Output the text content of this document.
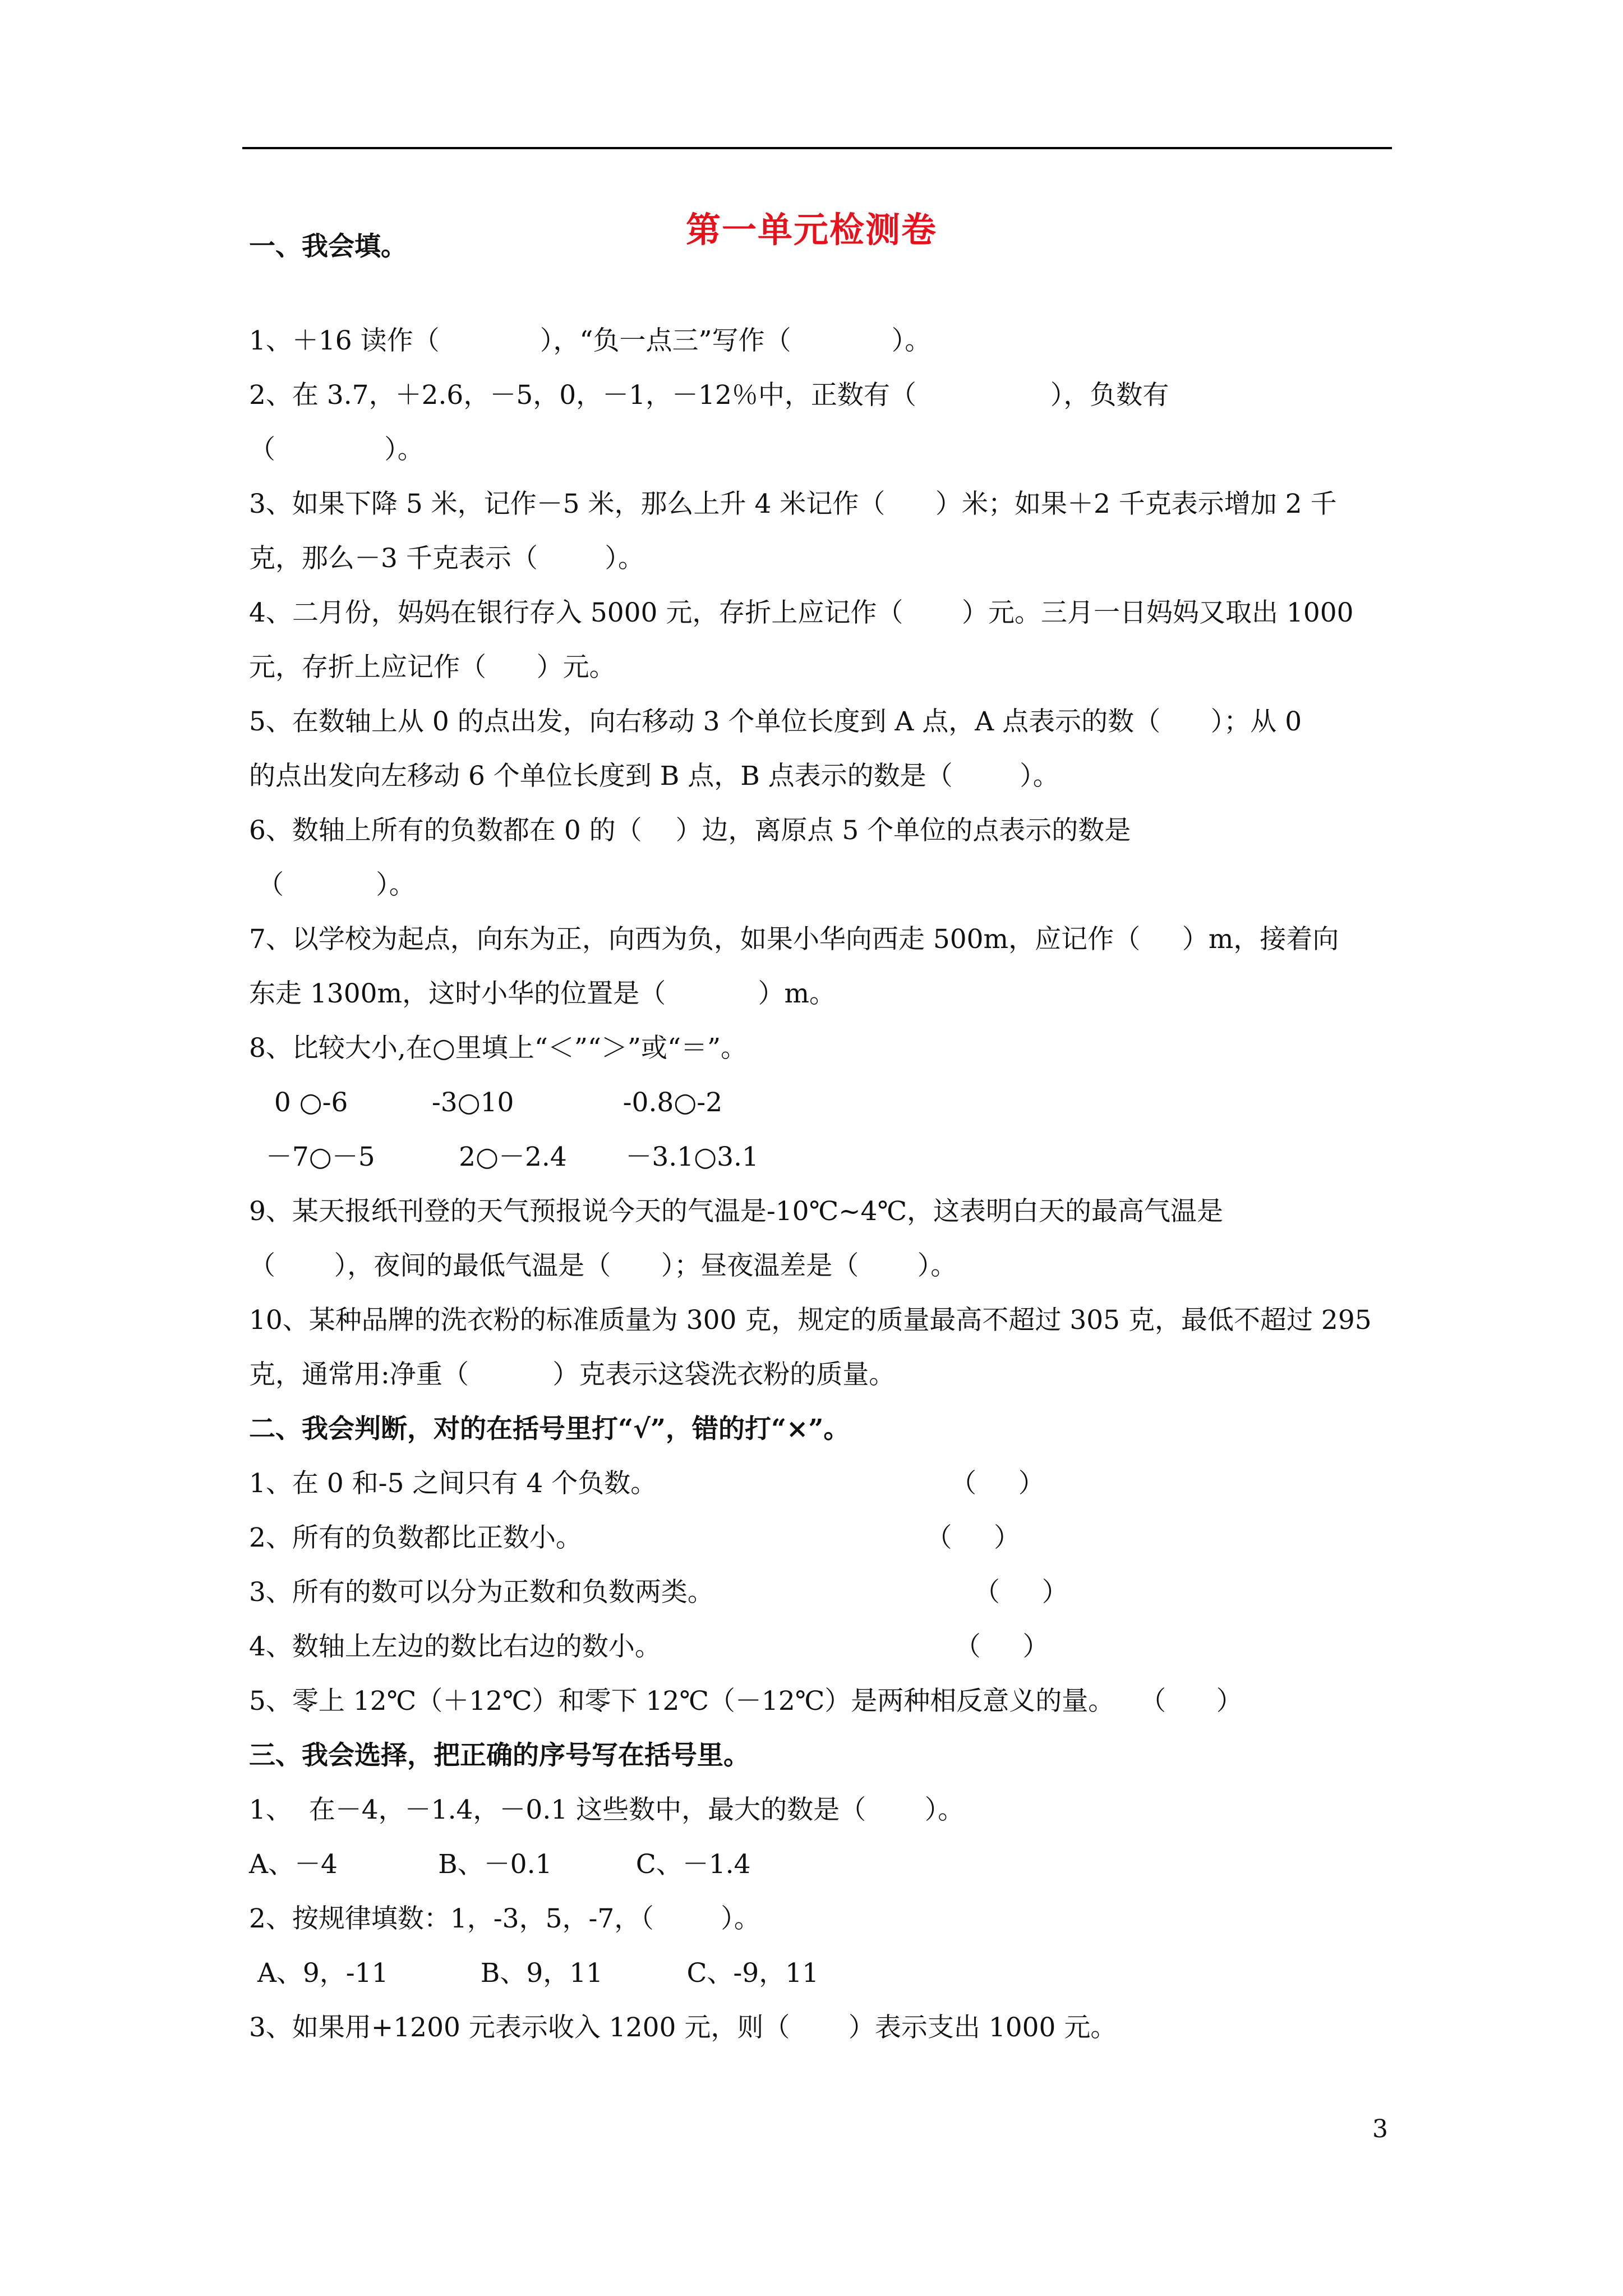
第一单元检测卷
一、我会填。
1、＋16 读作（            ），“负一点三”写作（            ）。
2、在 3.7，＋2.6，－5，0，－1，－12％中，正数有（                ），负数有
（             ）。
3、如果下降 5 米，记作－5 米，那么上升 4 米记作（      ）米；如果＋2 千克表示增加 2 千
克，那么－3 千克表示（        ）。
4、二月份，妈妈在银行存入 5000 元，存折上应记作（       ）元。三月一日妈妈又取出 1000
元，存折上应记作（      ）元。
5、在数轴上从 0 的点出发，向右移动 3 个单位长度到 A 点，A 点表示的数（      ）；从 0
的点出发向左移动 6 个单位长度到 B 点，B 点表示的数是（        ）。
6、数轴上所有的负数都在 0 的（    ）边，离原点 5 个单位的点表示的数是
（           ）。
7、以学校为起点，向东为正，向西为负，如果小华向西走 500m，应记作（     ）m，接着向
东走 1300m，这时小华的位置是（           ）m。
8、比较大小,在○里填上“＜”“＞”或“＝”。
0 ○-6          -3○10             -0.8○-2
－7○－5          2○－2.4       －3.1○3.1
9、某天报纸刊登的天气预报说今天的气温是-10℃~4℃，这表明白天的最高气温是
（       ），夜间的最低气温是（      ）；昼夜温差是（       ）。
10、某种品牌的洗衣粉的标准质量为 300 克，规定的质量最高不超过 305 克，最低不超过 295
克，通常用:净重（          ）克表示这袋洗衣粉的质量。
二、我会判断，对的在括号里打“√”，错的打“×”。
1、在 0 和-5 之间只有 4 个负数。                                   （     ）
2、所有的负数都比正数小。                                         （     ）
3、所有的数可以分为正数和负数两类。                               （     ）
4、数轴上左边的数比右边的数小。                                   （     ）
5、零上 12℃（＋12℃）和零下 12℃（－12℃）是两种相反意义的量。   （      ）
三、我会选择，把正确的序号写在括号里。
1、  在－4，－1.4，－0.1 这些数中，最大的数是（       ）。
A、－4            B、－0.1          C、－1.4
2、按规律填数：1，-3，5，-7，（        ）。
A、9，-11           B、9，11          C、-9，11
3、如果用+1200 元表示收入 1200 元，则（       ）表示支出 1000 元。
3
